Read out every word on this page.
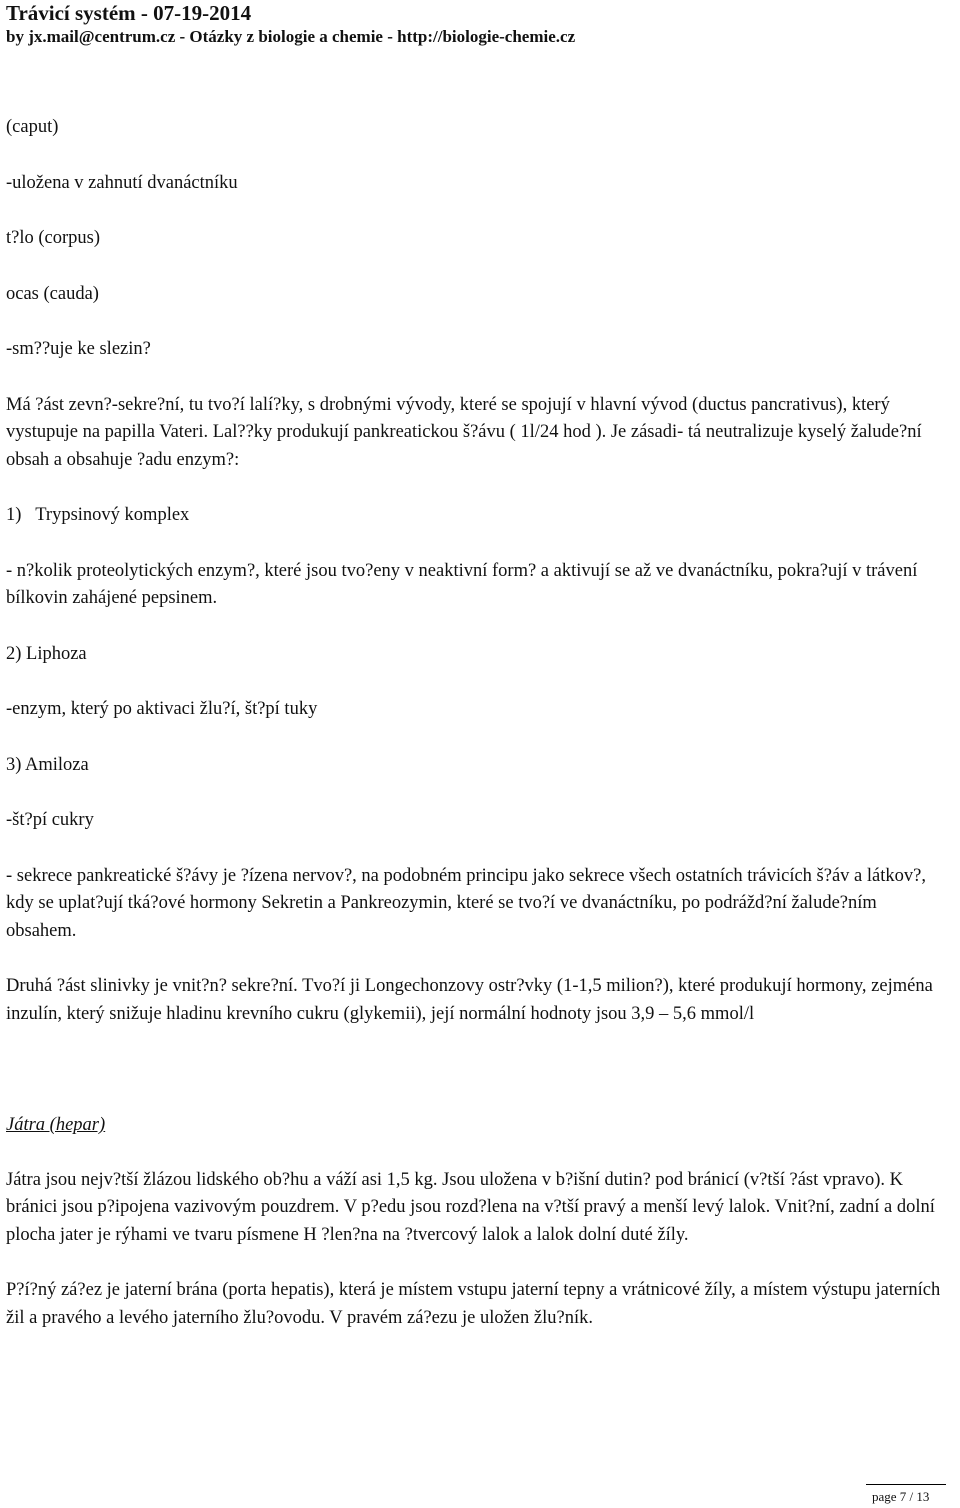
Trávicí systém - 07-19-2014

by jx.mail@centrum.cz - Otázky z biologie a chemie - http://biologie-chemie.cz

(caput)

-uložena v zahnutí dvanáctníku

t?lo (corpus)

ocas (cauda)

-sm??uje ke slezin?

Má ?ást zevn?-sekre?ní, tu tvo?í lalí?ky, s drobnými vývody, které se spojují v hlavní vývod (ductus pancrativus), který vystupuje na papilla Vateri. Lal??ky produkují pankreatickou š?ávu ( 1l/24 hod ). Je zásadi- tá neutralizuje kyselý žalude?ní obsah a obsahuje ?adu enzym?:

1)   Trypsinový komplex

- n?kolik proteolytických enzym?, které jsou tvo?eny v neaktivní form? a aktivují se až ve dvanáctníku, pokra?ují v trávení bílkovin zahájené pepsinem.

2) Liphoza

-enzym, který po aktivaci žlu?í, št?pí tuky

3) Amiloza

-št?pí cukry

- sekrece pankreatické š?ávy je ?ízena nervov?, na podobném principu jako sekrece všech ostatních trávicích š?áv a látkov?, kdy se uplat?ují tká?ové hormony Sekretin a Pankreozymin, které se tvo?í ve dvanáctníku, po podrážd?ní žalude?ním obsahem.

Druhá ?ást slinivky je vnit?n? sekre?ní. Tvo?í ji Longechonzovy ostr?vky (1-1,5 milion?), které produkují hormony, zejména inzulín, který snižuje hladinu krevního cukru (glykemii), její normální hodnoty jsou 3,9 – 5,6 mmol/l

Játra (hepar)

Játra jsou nejv?tší žlázou lidského ob?hu a váží asi 1,5 kg. Jsou uložena v b?išní dutin? pod bránicí (v?tší ?ást vpravo). K bránici jsou p?ipojena vazivovým pouzdrem. V p?edu jsou rozd?lena na v?tší pravý a menší levý lalok. Vnit?ní, zadní a dolní plocha jater je rýhami ve tvaru písmene H ?len?na na ?tvercový lalok a lalok dolní duté žíly.

P?í?ný zá?ez je jaterní brána (porta hepatis), která je místem vstupu jaterní tepny a vrátnicové žíly, a místem výstupu jaterních žil a pravého a levého jaterního žlu?ovodu. V pravém zá?ezu je uložen žlu?ník.

page 7 / 13
